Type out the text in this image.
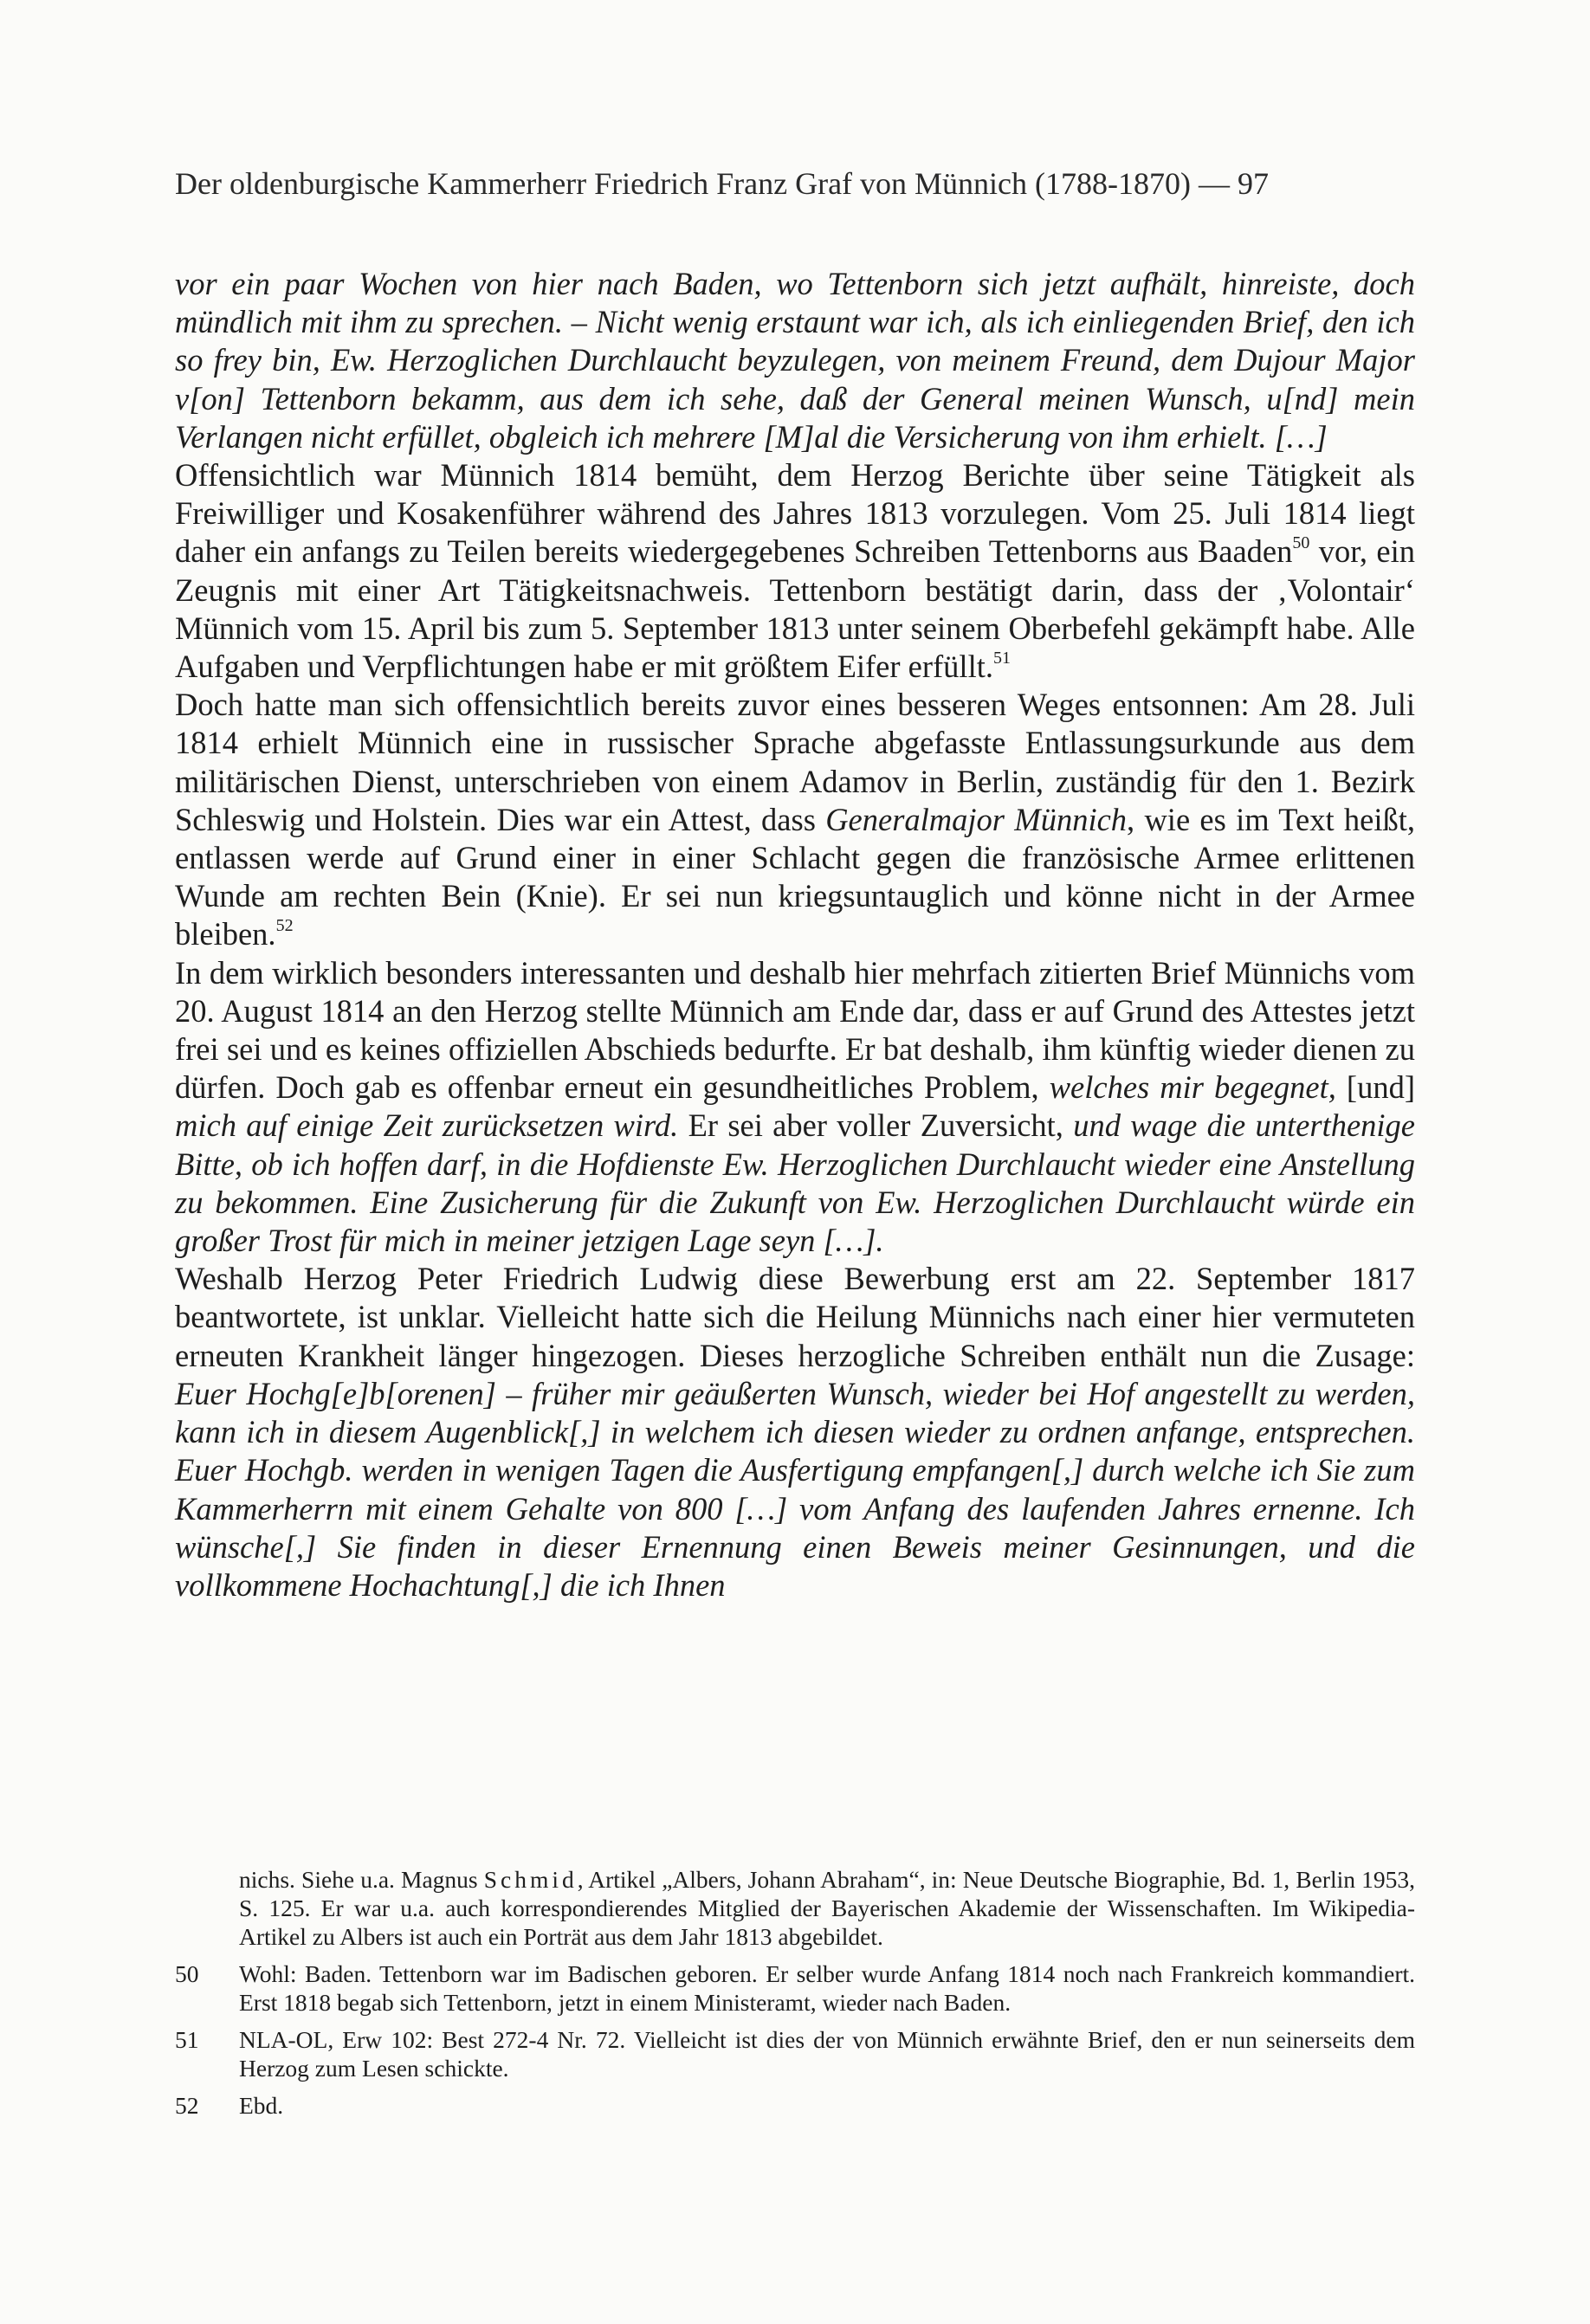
Der oldenburgische Kammerherr Friedrich Franz Graf von Münnich (1788-1870) — 97

vor ein paar Wochen von hier nach Baden, wo Tettenborn sich jetzt aufhält, hinreiste, doch mündlich mit ihm zu sprechen. – Nicht wenig erstaunt war ich, als ich einliegenden Brief, den ich so frey bin, Ew. Herzoglichen Durchlaucht beyzulegen, von meinem Freund, dem Dujour Major v[on] Tettenborn bekamm, aus dem ich sehe, daß der General meinen Wunsch, u[nd] mein Verlangen nicht erfüllet, obgleich ich mehrere [M]al die Versicherung von ihm erhielt. […]

Offensichtlich war Münnich 1814 bemüht, dem Herzog Berichte über seine Tätigkeit als Freiwilliger und Kosakenführer während des Jahres 1813 vorzulegen. Vom 25. Juli 1814 liegt daher ein anfangs zu Teilen bereits wiedergegebenes Schreiben Tettenborns aus Baaden$^{50}$ vor, ein Zeugnis mit einer Art Tätigkeitsnachweis. Tettenborn bestätigt darin, dass der ‚Volontair‘ Münnich vom 15. April bis zum 5. September 1813 unter seinem Oberbefehl gekämpft habe. Alle Aufgaben und Verpflichtungen habe er mit größtem Eifer erfüllt.$^{51}$

Doch hatte man sich offensichtlich bereits zuvor eines besseren Weges entsonnen: Am 28. Juli 1814 erhielt Münnich eine in russischer Sprache abgefasste Entlassungsurkunde aus dem militärischen Dienst, unterschrieben von einem Adamov in Berlin, zuständig für den 1. Bezirk Schleswig und Holstein. Dies war ein Attest, dass Generalmajor Münnich, wie es im Text heißt, entlassen werde auf Grund einer in einer Schlacht gegen die französische Armee erlittenen Wunde am rechten Bein (Knie). Er sei nun kriegsuntauglich und könne nicht in der Armee bleiben.$^{52}$

In dem wirklich besonders interessanten und deshalb hier mehrfach zitierten Brief Münnichs vom 20. August 1814 an den Herzog stellte Münnich am Ende dar, dass er auf Grund des Attestes jetzt frei sei und es keines offiziellen Abschieds bedurfte. Er bat deshalb, ihm künftig wieder dienen zu dürfen. Doch gab es offenbar erneut ein gesundheitliches Problem, welches mir begegnet, [und] mich auf einige Zeit zurücksetzen wird. Er sei aber voller Zuversicht, und wage die unterthenige Bitte, ob ich hoffen darf, in die Hofdienste Ew. Herzoglichen Durchlaucht wieder eine Anstellung zu bekommen. Eine Zusicherung für die Zukunft von Ew. Herzoglichen Durchlaucht würde ein großer Trost für mich in meiner jetzigen Lage seyn […].

Weshalb Herzog Peter Friedrich Ludwig diese Bewerbung erst am 22. September 1817 beantwortete, ist unklar. Vielleicht hatte sich die Heilung Münnichs nach einer hier vermuteten erneuten Krankheit länger hingezogen. Dieses herzogliche Schreiben enthält nun die Zusage: Euer Hochg[e]b[orenen] – früher mir geäußerten Wunsch, wieder bei Hof angestellt zu werden, kann ich in diesem Augenblick[,] in welchem ich diesen wieder zu ordnen anfange, entsprechen. Euer Hochgb. werden in wenigen Tagen die Ausfertigung empfangen[,] durch welche ich Sie zum Kammerherrn mit einem Gehalte von 800 […] vom Anfang des laufenden Jahres ernenne. Ich wünsche[,] Sie finden in dieser Ernennung einen Beweis meiner Gesinnungen, und die vollkommene Hochachtung[,] die ich Ihnen

nichs. Siehe u.a. Magnus Schmid, Artikel „Albers, Johann Abraham“, in: Neue Deutsche Biographie, Bd. 1, Berlin 1953, S. 125. Er war u.a. auch korrespondierendes Mitglied der Bayerischen Akademie der Wissenschaften. Im Wikipedia-Artikel zu Albers ist auch ein Porträt aus dem Jahr 1813 abgebildet.
50	Wohl: Baden. Tettenborn war im Badischen geboren. Er selber wurde Anfang 1814 noch nach Frankreich kommandiert. Erst 1818 begab sich Tettenborn, jetzt in einem Ministeramt, wieder nach Baden.
51	NLA-OL, Erw 102: Best 272-4 Nr. 72. Vielleicht ist dies der von Münnich erwähnte Brief, den er nun seinerseits dem Herzog zum Lesen schickte.
52	Ebd.
